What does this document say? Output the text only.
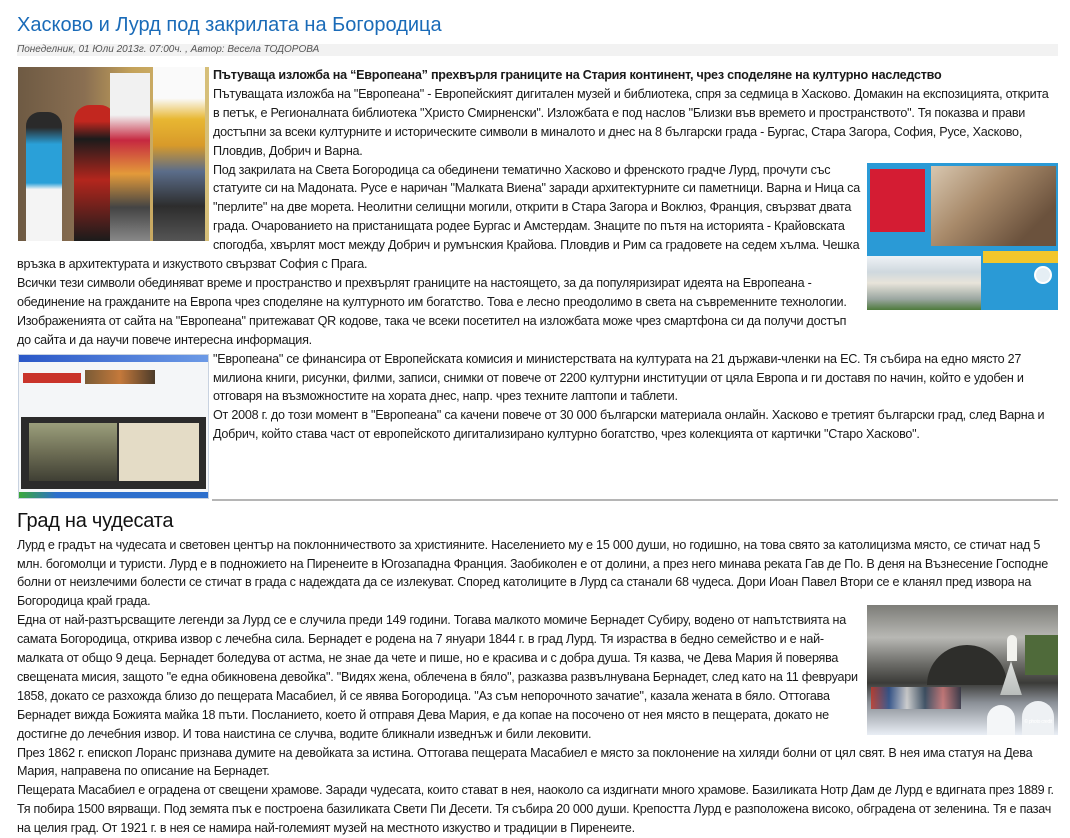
Хасково и Лурд под закрилата на Богородица
Понеделник, 01 Юли 2013г. 07:00ч. , Автор: Весела ТОДОРОВА

Пътуваща изложба на “Европеана” прехвърля границите на Стария континент, чрез споделяне на културно наследство

Пътуващата изложба на "Европеана" - Европейският дигитален музей и библиотека, спря за седмица в Хасково. Домакин на експозицията, открита в петък, е Регионалната библиотека "Христо Смирненски". Изложбата е под наслов "Близки във времето и пространството". Тя показва и прави достъпни за всеки културните и историческите символи в миналото и днес на 8 български града - Бургас, Стара Загора, София, Русе, Хасково, Пловдив, Добрич и Варна.

Под закрилата на Света Богородица са обединени тематично Хасково и френското градче Лурд, прочути със статуите си на Мадоната. Русе е наричан "Малката Виена" заради архитектурните си паметници. Варна и Ница са "перлите" на две морета. Неолитни селищни могили, открити в Стара Загора и Воклюз, Франция, свързват двата града. Очарованието на пристанищата родее Бургас и Амстердам. Знаците по пътя на историята - Крайовската спогодба, хвърлят мост между Добрич и румънския Крайова. Пловдив и Рим са градовете на седем хълма. Чешка връзка в архитектурата и изкуството свързват София с Прага.

Всички тези символи обединяват време и пространство и прехвърлят границите на настоящето, за да популяризират идеята на Европеана - обединение на гражданите на Европа чрез споделяне на културното им богатство. Това е лесно преодолимо в света на съвременните технологии. Изображенията от сайта на "Европеана" притежават QR кодове, така че всеки посетител на изложбата може чрез смартфона си да получи достъп до сайта и да научи повече интересна информация.

"Европеана" се финансира от Европейската комисия и министерствата на културата на 21 държави-членки на ЕС. Тя събира на едно място 27 милиона книги, рисунки, филми, записи, снимки от повече от 2200 културни институции от цяла Европа и ги доставя по начин, който е удобен и отговаря на възможностите на хората днес, напр. чрез техните лаптопи и таблети.

От 2008 г. до този момент в "Европеана" са качени повече от 30 000 български материала онлайн. Хасково е третият български град, след Варна и Добрич, който става част от европейското дигитализирано културно богатство, чрез колекцията от картички "Старо Хасково".

Град на чудесата

Лурд е градът на чудесата и световен център на поклонничеството за християните. Населението му е 15 000 души, но годишно, на това свято за католицизма място, се стичат над 5 млн. богомолци и туристи. Лурд е в подножието на Пиренеите в Югозападна Франция. Заобиколен е от долини, а през него минава реката Гав де По. В деня на Възнесение Господне болни от неизлечими болести се стичат в града с надеждата да се излекуват. Според католиците в Лурд са станали 68 чудеса. Дори Иоан Павел Втори се е кланял пред извора на Богородица край града.

© photo credit

Една от най-разтърсващите легенди за Лурд се е случила преди 149 години. Тогава малкото момиче Бернадет Субиру, водено от напътствията на самата Богородица, открива извор с лечебна сила. Бернадет е родена на 7 януари 1844 г. в град Лурд. Тя израства в бедно семейство и е най-малката от общо 9 деца. Бернадет боледува от астма, не знае да чете и пише, но е красива и с добра душа. Тя казва, че Дева Мария й поверява свещената мисия, защото "е една обикновена девойка". "Видях жена, облечена в бяло", разказва развълнувана Бернадет, след като на 11 февруари 1858, докато се разхожда близо до пещерата Масабиел, й се явява Богородица. "Аз съм непорочното зачатие", казала жената в бяло. Оттогава Бернадет вижда Божията майка 18 пъти. Посланието, което й отправя Дева Мария, е да копае на посочено от нея място в пещерата, докато не достигне до лечебния извор. И това наистина се случва, водите бликнали изведнъж и били лековити.

През 1862 г. епископ Лоранс признава думите на девойката за истина. Оттогава пещерата Масабиел е място за поклонение на хиляди болни от цял свят. В нея има статуя на Дева Мария, направена по описание на Бернадет.

Пещерата Масабиел е оградена от свещени храмове. Заради чудесата, които стават в нея, наоколо са издигнати много храмове. Базиликата Нотр Дам де Лурд е вдигната през 1889 г. Тя побира 1500 вярващи. Под земята пък е построена базиликата Свети Пи Десети. Тя събира 20 000 души. Крепостта Лурд е разположена високо, обградена от зеленина. Тя е пазач на целия град. От 1921 г. в нея се намира най-големият музей на местното изкуство и традиции в Пиренеите.
